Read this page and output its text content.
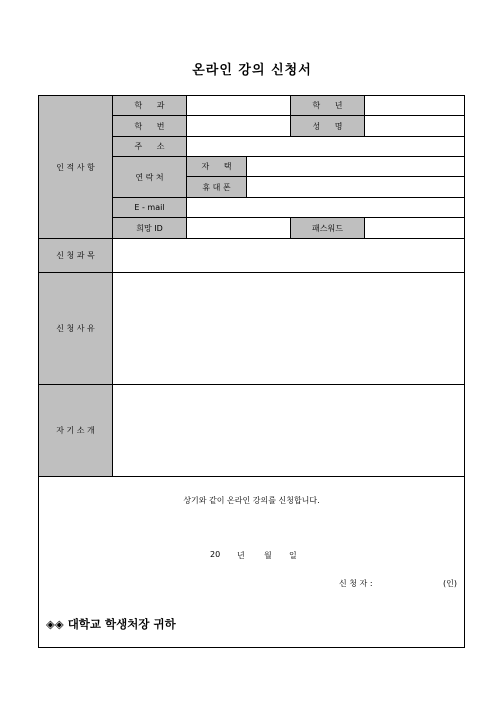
온라인 강의 신청서
인 적 사 항
학 과	학 년
학 번	성 명
주 소
연 락 처
자 택
휴 대 폰
E - mail
희망 ID	패스워드
신 청 과 목
신 청 사 유
자 기 소 개
상기와 같이 온라인 강의를 신청합니다.
20 년 월 일
신 청 자 :	(인)
◈◈ 대학교 학생처장 귀하
